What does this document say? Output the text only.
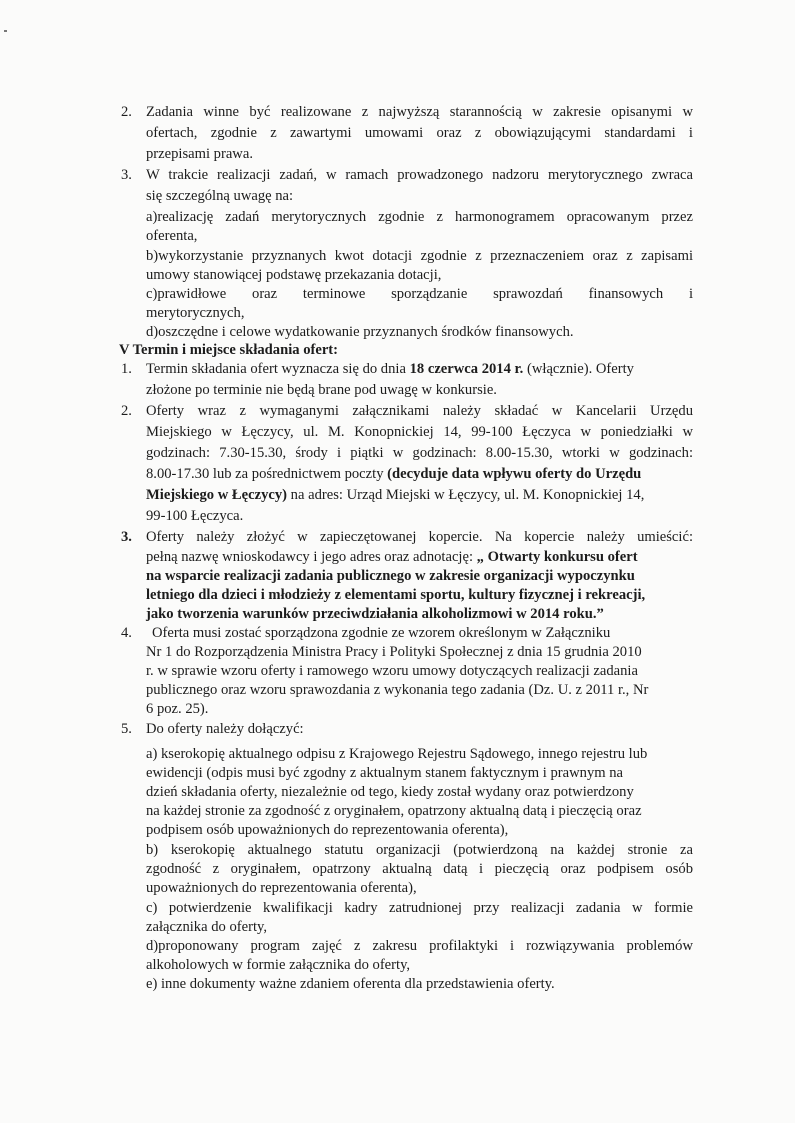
2. Zadania winne być realizowane z najwyższą starannością w zakresie opisanymi w

ofertach, zgodnie z zawartymi umowami oraz z obowiązującymi standardami i

przepisami prawa.

3. W trakcie realizacji zadań, w ramach prowadzonego nadzoru merytorycznego zwraca

się szczególną uwagę na:

a)realizację zadań merytorycznych zgodnie z harmonogramem opracowanym przez

oferenta,

b)wykorzystanie przyznanych kwot dotacji zgodnie z przeznaczeniem oraz z zapisami

umowy stanowiącej podstawę przekazania dotacji,

c)prawidłowe oraz terminowe sporządzanie sprawozdań finansowych i

merytorycznych,

d)oszczędne i celowe wydatkowanie przyznanych środków finansowych.

V Termin i miejsce składania ofert:

1. Termin składania ofert wyznacza się do dnia 18 czerwca 2014 r. (włącznie). Oferty

złożone po terminie nie będą brane pod uwagę w konkursie.

2. Oferty wraz z wymaganymi załącznikami należy składać w Kancelarii Urzędu

Miejskiego w Łęczycy, ul. M. Konopnickiej 14, 99-100 Łęczyca w poniedziałki w

godzinach: 7.30-15.30, środy i piątki w godzinach: 8.00-15.30, wtorki w godzinach:

8.00-17.30 lub za pośrednictwem poczty (decyduje data wpływu oferty do Urzędu

Miejskiego w Łęczycy) na adres: Urząd Miejski w Łęczycy, ul. M. Konopnickiej 14,

99-100 Łęczyca.

3. Oferty należy złożyć w zapieczętowanej kopercie. Na kopercie należy umieścić:

pełną nazwę wnioskodawcy i jego adres oraz adnotację: „ Otwarty konkursu ofert

na wsparcie realizacji zadania publicznego w zakresie organizacji wypoczynku

letniego dla dzieci i młodzieży z elementami sportu, kultury fizycznej i rekreacji,

jako tworzenia warunków przeciwdziałania alkoholizmowi w 2014 roku.”

4. Oferta musi zostać sporządzona zgodnie ze wzorem określonym w Załączniku

Nr 1 do Rozporządzenia Ministra Pracy i Polityki Społecznej z dnia 15 grudnia 2010

r. w sprawie wzoru oferty i ramowego wzoru umowy dotyczących realizacji zadania

publicznego oraz wzoru sprawozdania z wykonania tego zadania (Dz. U. z 2011 r., Nr

6 poz. 25).

5. Do oferty należy dołączyć:

a) kserokopię aktualnego odpisu z Krajowego Rejestru Sądowego, innego rejestru lub

ewidencji (odpis musi być zgodny z aktualnym stanem faktycznym i prawnym na

dzień składania oferty, niezależnie od tego, kiedy został wydany oraz potwierdzony

na każdej stronie za zgodność z oryginałem, opatrzony aktualną datą i pieczęcią oraz

podpisem osób upoważnionych do reprezentowania oferenta),

b) kserokopię aktualnego statutu organizacji (potwierdzoną na każdej stronie za

zgodność z oryginałem, opatrzony aktualną datą i pieczęcią oraz podpisem osób

upoważnionych do reprezentowania oferenta),

c) potwierdzenie kwalifikacji kadry zatrudnionej przy realizacji zadania w formie

załącznika do oferty,

d)proponowany program zajęć z zakresu profilaktyki i rozwiązywania problemów

alkoholowych w formie załącznika do oferty,

e) inne dokumenty ważne zdaniem oferenta dla przedstawienia oferty.
